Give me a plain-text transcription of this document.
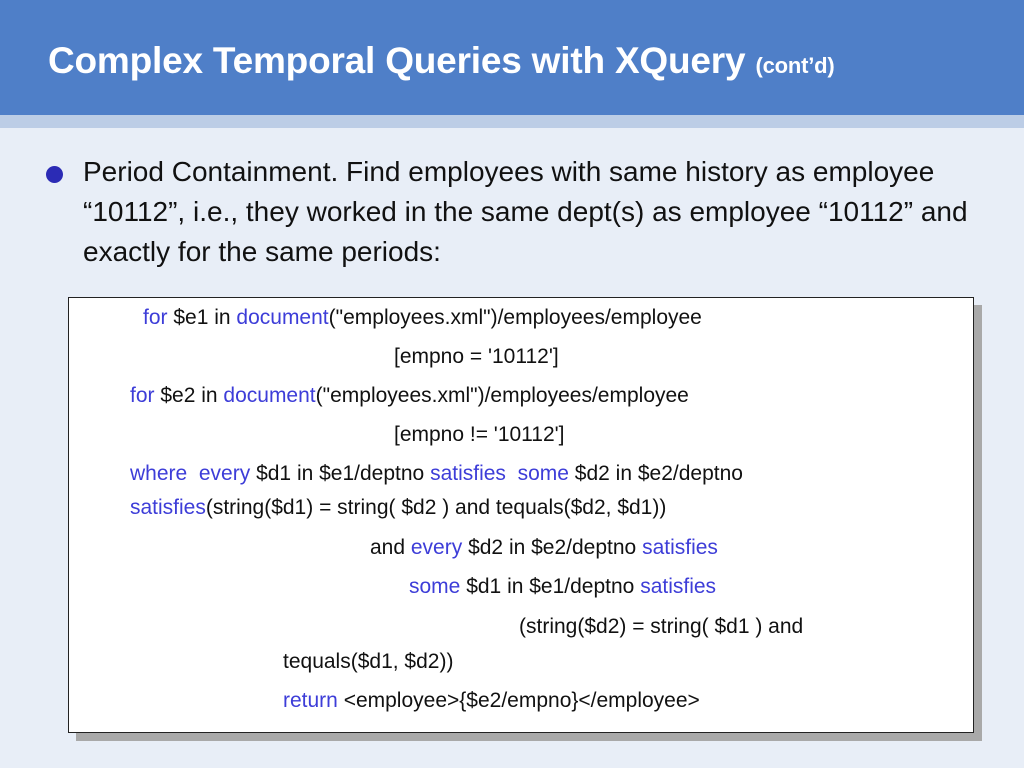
Complex Temporal Queries with XQuery (cont’d)
Period Containment. Find employees with same history as employee “10112”, i.e., they worked in the same dept(s) as employee “10112” and exactly for the same periods:
for $e1 in document("employees.xml")/employees/employee
[empno = '10112']
for $e2 in document("employees.xml")/employees/employee
[empno != '10112']
where every $d1 in $e1/deptno satisfies some $d2 in $e2/deptno
satisfies(string($d1) = string( $d2 ) and tequals($d2, $d1))
and every $d2 in $e2/deptno satisfies
some $d1 in $e1/deptno satisfies
(string($d2) = string( $d1 ) and
tequals($d1, $d2))
return <employee>{$e2/empno}</employee>
